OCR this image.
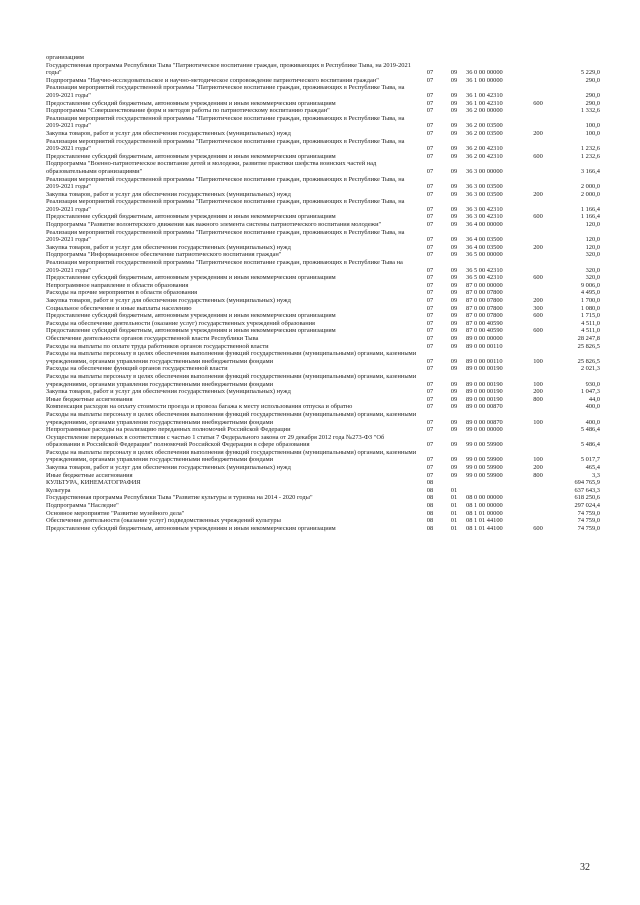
организациям					
Государственная программа Республики Тыва "Патриотическое воспитание граждан, проживающих в Республике Тыва, на 2019-2021 годы"	07	09	36 0 00 00000		5 229,0
Подпрограмма "Научно-исследовательское и научно-методическое сопровождение патриотического воспитания граждан"	07	09	36 1 00 00000		290,0
Реализация мероприятий государственной программы "Патриотическое воспитание граждан, проживающих в Республике Тыва, на 2019-2021 годы"	07	09	36 1 00 42310		290,0
Предоставление субсидий бюджетным, автономным учреждениям и иным некоммерческим организациям	07	09	36 1 00 42310	600	290,0
Подпрограмма "Совершенствование форм и методов работы по патриотическому воспитанию граждан"	07	09	36 2 00 00000		1 332,6
Реализация мероприятий государственной программы "Патриотическое воспитание граждан, проживающих в Республике Тыва, на 2019-2021 годы"	07	09	36 2 00 03500		100,0
Закупка товаров, работ и услуг для обеспечения государственных (муниципальных) нужд	07	09	36 2 00 03500	200	100,0
Реализация мероприятий государственной программы "Патриотическое воспитание граждан, проживающих в Республике Тыва, на 2019-2021 годы"	07	09	36 2 00 42310		1 232,6
Предоставление субсидий бюджетным, автономным учреждениям и иным некоммерческим организациям	07	09	36 2 00 42310	600	1 232,6
Подпрограмма "Военно-патриотическое воспитание детей и молодежи, развитие практики шефства воинских частей над образовательными организациями"	07	09	36 3 00 00000		3 166,4
Реализация мероприятий государственной программы "Патриотическое воспитание граждан, проживающих в Республике Тыва, на 2019-2021 годы"	07	09	36 3 00 03500		2 000,0
Закупка товаров, работ и услуг для обеспечения государственных (муниципальных) нужд	07	09	36 3 00 03500	200	2 000,0
Реализация мероприятий государственной программы "Патриотическое воспитание граждан, проживающих в Республике Тыва, на 2019-2021 годы"	07	09	36 3 00 42310		1 166,4
Предоставление субсидий бюджетным, автономным учреждениям и иным некоммерческим организациям	07	09	36 3 00 42310	600	1 166,4
Подпрограмма "Развитие волонтерского движения как важного элемента системы патриотического воспитания молодежи"	07	09	36 4 00 00000		120,0
Реализация мероприятий государственной программы "Патриотическое воспитание граждан, проживающих в Республике Тыва, на 2019-2021 годы"	07	09	36 4 00 03500		120,0
Закупка товаров, работ и услуг для обеспечения государственных (муниципальных) нужд	07	09	36 4 00 03500	200	120,0
Подпрограмма "Информационное обеспечение патриотического воспитания граждан"	07	09	36 5 00 00000		320,0
Реализация мероприятий государственной программы "Патриотическое воспитание граждан, проживающих в Республике Тыва на 2019-2021 годы"	07	09	36 5 00 42310		320,0
Предоставление субсидий бюджетным, автономным учреждениям и иным некоммерческим организациям	07	09	36 5 00 42310	600	320,0
Непрограммное направление в области образования	07	09	87 0 00 00000		9 006,0
Расходы на прочие мероприятия в области образования	07	09	87 0 00 07800		4 495,0
Закупка товаров, работ и услуг для обеспечения государственных (муниципальных) нужд	07	09	87 0 00 07800	200	1 700,0
Социальное обеспечение и иные выплаты населению	07	09	87 0 00 07800	300	1 080,0
Предоставление субсидий бюджетным, автономным учреждениям и иным некоммерческим организациям	07	09	87 0 00 07800	600	1 715,0
Расходы на обеспечение деятельности (оказание услуг) государственных учреждений образования	07	09	87 0 00 40590		4 511,0
Предоставление субсидий бюджетным, автономным учреждениям и иным некоммерческим организациям	07	09	87 0 00 40590	600	4 511,0
Обеспечение деятельности органов государственной власти Республики Тыва	07	09	89 0 00 00000		28 247,8
Расходы на выплаты по оплате труда работников органов государственной власти	07	09	89 0 00 00110		25 826,5
Расходы на выплаты персоналу в целях обеспечения выполнения функций государственными (муниципальными) органами, казенными учреждениями, органами управления государственными внебюджетными фондами	07	09	89 0 00 00110	100	25 826,5
Расходы на обеспечение функций органов государственной власти	07	09	89 0 00 00190		2 021,3
Расходы на выплаты персоналу в целях обеспечения выполнения функций государственными (муниципальными) органами, казенными учреждениями, органами управления государственными внебюджетными фондами	07	09	89 0 00 00190	100	930,0
Закупка товаров, работ и услуг для обеспечения государственных (муниципальных) нужд	07	09	89 0 00 00190	200	1 047,3
Иные бюджетные ассигнования	07	09	89 0 00 00190	800	44,0
Компенсация расходов на оплату стоимости проезда и провоза багажа к месту использования отпуска и обратно	07	09	89 0 00 00870		400,0
Расходы на выплаты персоналу в целях обеспечения выполнения функций государственными (муниципальными) органами, казенными учреждениями, органами управления государственными внебюджетными фондами	07	09	89 0 00 00870	100	400,0
Непрограммные расходы на реализацию переданных полномочий Российской Федерации	07	09	99 0 00 00000		5 486,4
Осуществление переданных в соответствии с частью 1 статьи 7 Федерального закона от 29 декабря 2012 года №273-ФЗ "Об образовании в Российской Федерации" полномочий Российской Федерации в сфере образования	07	09	99 0 00 59900		5 486,4
Расходы на выплаты персоналу в целях обеспечения выполнения функций государственными (муниципальными) органами, казенными учреждениями, органами управления государственными внебюджетными фондами	07	09	99 0 00 59900	100	5 017,7
Закупка товаров, работ и услуг для обеспечения государственных (муниципальных) нужд	07	09	99 0 00 59900	200	465,4
Иные бюджетные ассигнования	07	09	99 0 00 59900	800	3,3
КУЛЬТУРА, КИНЕМАТОГРАФИЯ	08				694 765,9
Культура	08	01			637 643,3
Государственная программа Республики Тыва "Развитие культуры и туризма на 2014 - 2020 годы"	08	01	08 0 00 00000		618 250,6
Подпрограмма "Наследие"	08	01	08 1 00 00000		297 024,4
Основное мероприятие "Развитие музейного дела"	08	01	08 1 01 00000		74 759,0
Обеспечение деятельности (оказание услуг) подведомственных учреждений культуры	08	01	08 1 01 44100		74 759,0
Предоставление субсидий бюджетным, автономным учреждениям и иным некоммерческим организациям	08	01	08 1 01 44100	600	74 759,0
32
